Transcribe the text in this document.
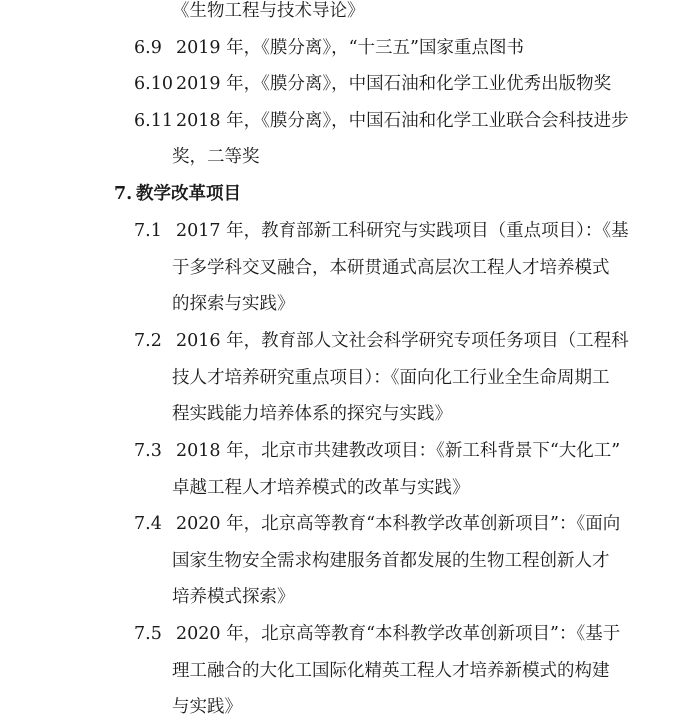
《生物工程与技术导论》
6.9 2019 年，《膜分离》，“十三五”国家重点图书
6.10 2019 年，《膜分离》，中国石油和化学工业优秀出版物奖
6.11 2018 年，《膜分离》，中国石油和化学工业联合会科技进步
奖，二等奖
7. 教学改革项目
7.1 2017 年，教育部新工科研究与实践项目（重点项目）：《基
于多学科交叉融合，本研贯通式高层次工程人才培养模式
的探索与实践》
7.2 2016 年，教育部人文社会科学研究专项任务项目（工程科
技人才培养研究重点项目）：《面向化工行业全生命周期工
程实践能力培养体系的探究与实践》
7.3 2018 年，北京市共建教改项目：《新工科背景下“大化工”
卓越工程人才培养模式的改革与实践》
7.4 2020 年，北京高等教育“本科教学改革创新项目”：《面向
国家生物安全需求构建服务首都发展的生物工程创新人才
培养模式探索》
7.5 2020 年，北京高等教育“本科教学改革创新项目”：《基于
理工融合的大化工国际化精英工程人才培养新模式的构建
与实践》
